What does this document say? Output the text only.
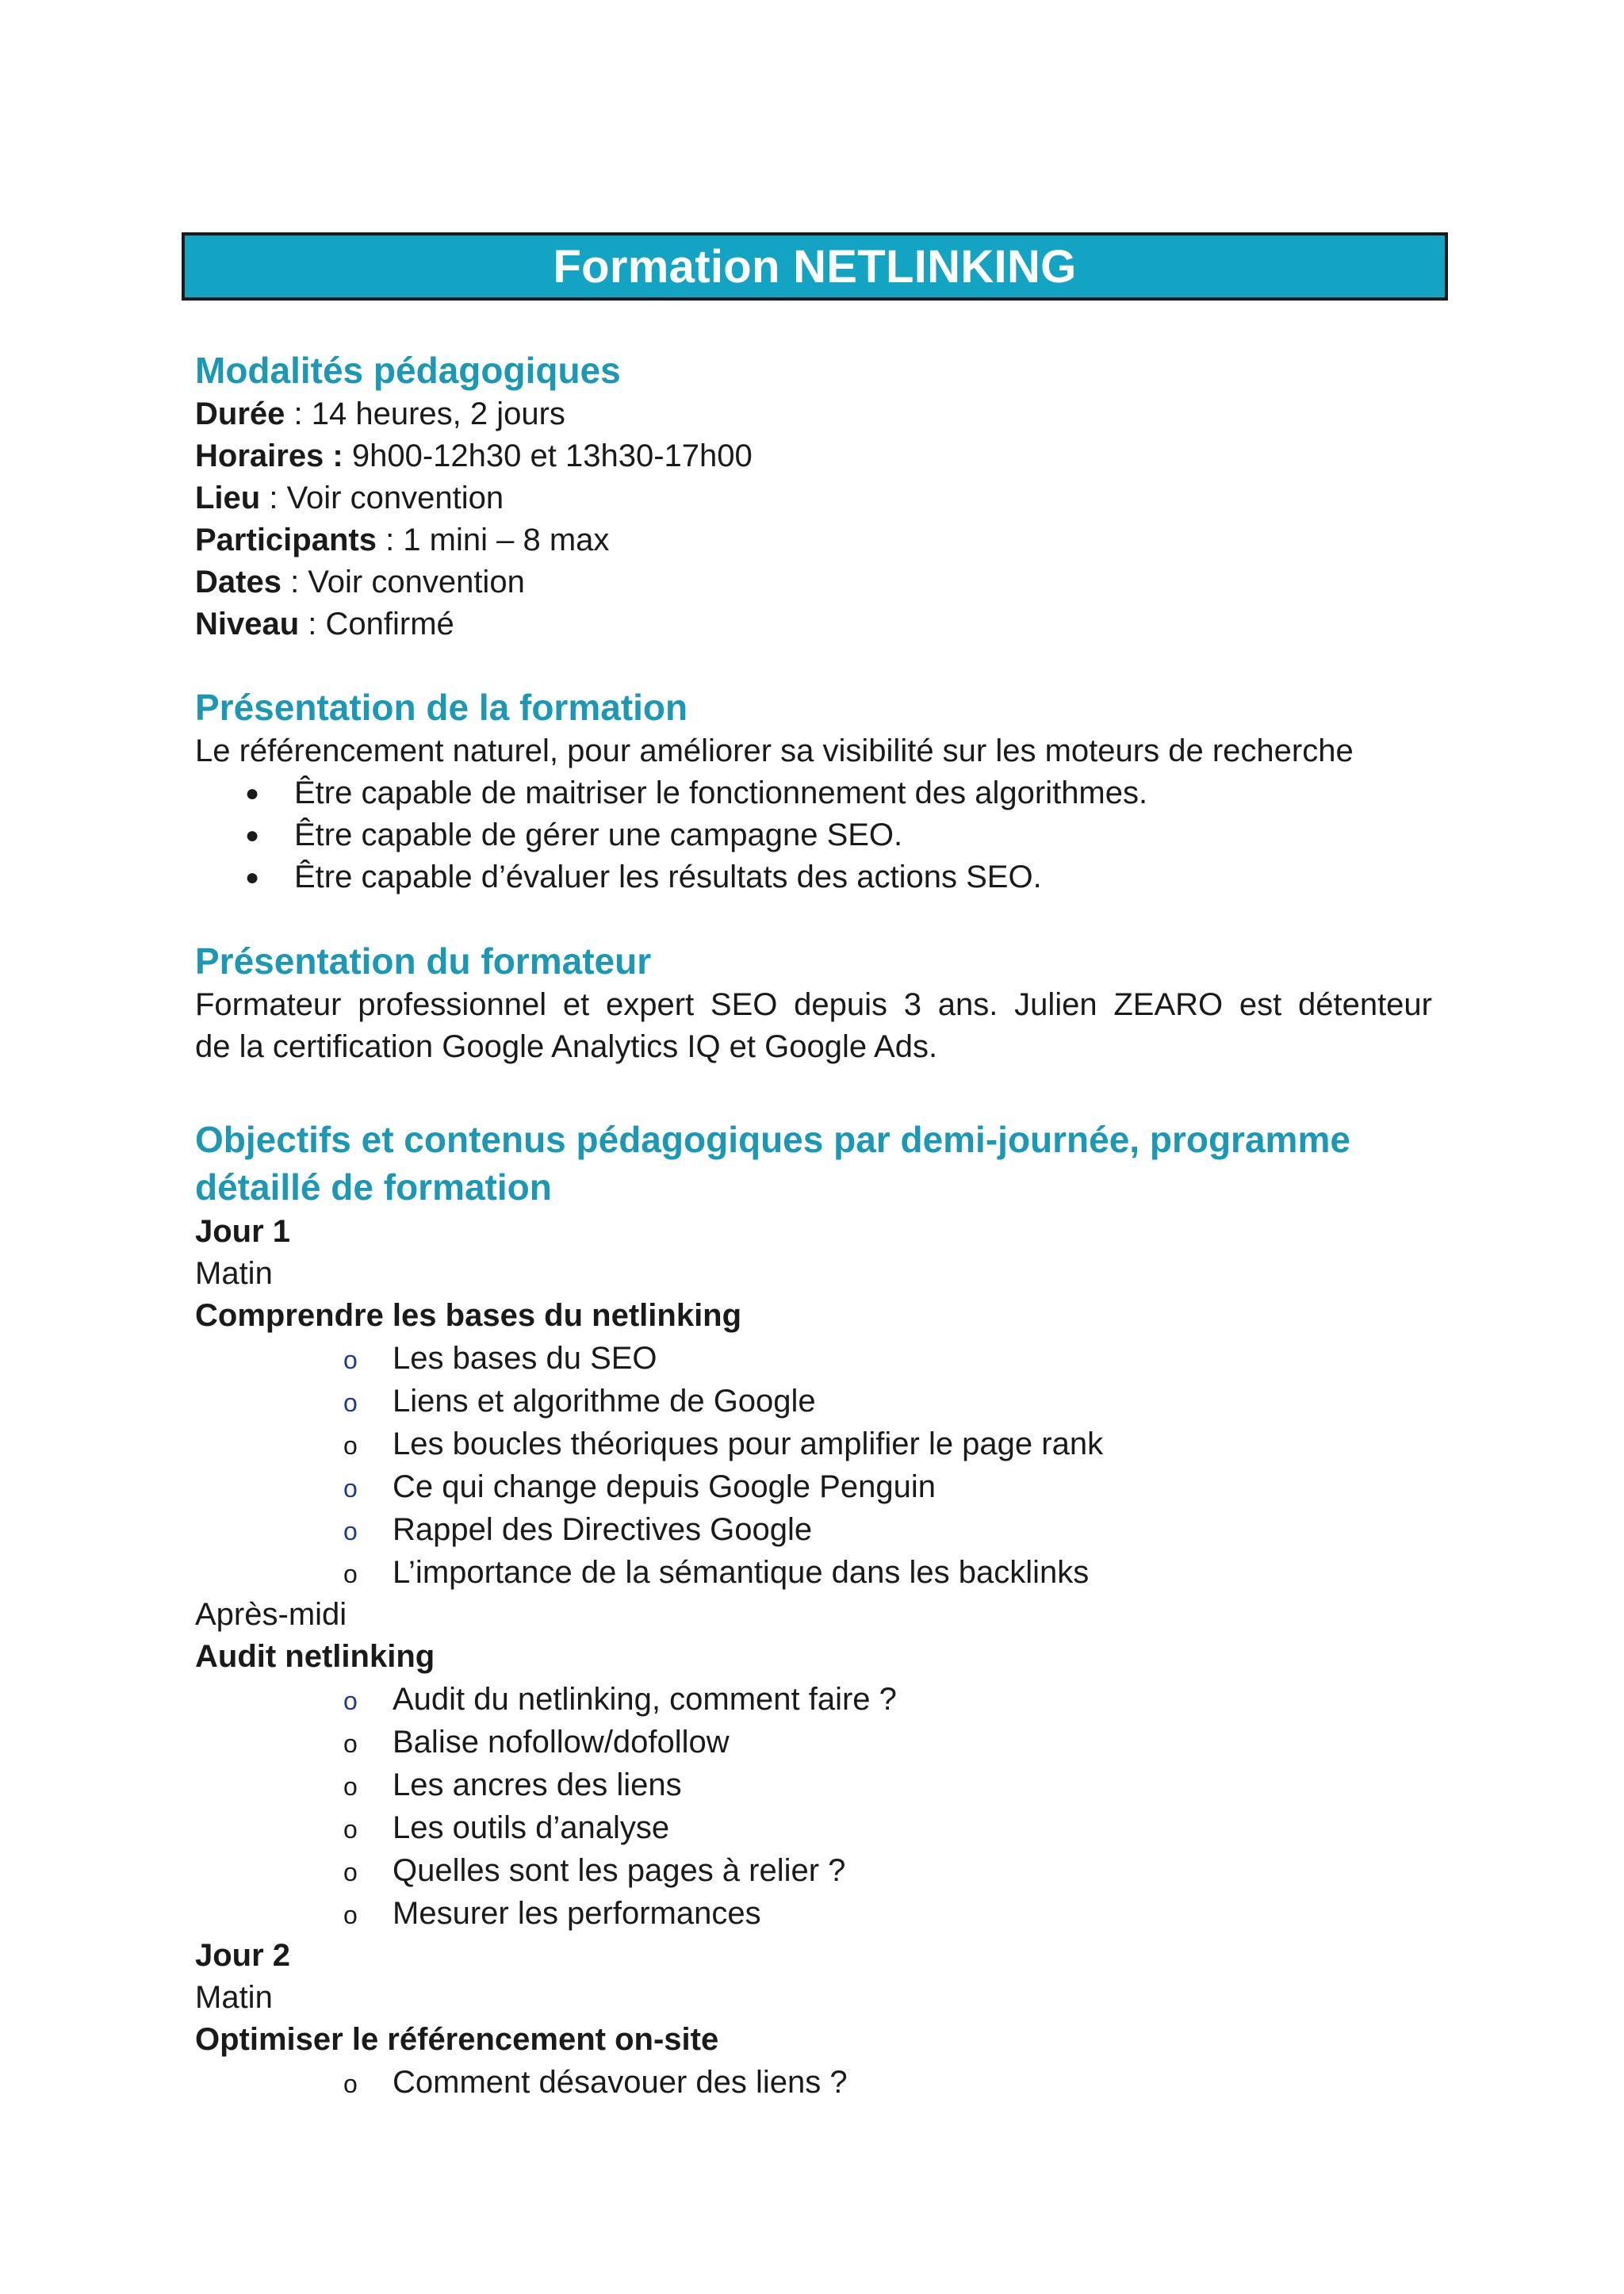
Formation NETLINKING
Modalités pédagogiques

Durée : 14 heures, 2 jours

Horaires : 9h00-12h30 et 13h30-17h00

Lieu : Voir convention

Participants : 1 mini – 8 max

Dates : Voir convention

Niveau : Confirmé

Présentation de la formation

Le référencement naturel, pour améliorer sa visibilité sur les moteurs de recherche

● Être capable de maitriser le fonctionnement des algorithmes.
● Être capable de gérer une campagne SEO.
● Être capable d’évaluer les résultats des actions SEO.
Présentation du formateur

Formateur professionnel et expert SEO depuis 3 ans. Julien ZEARO est détenteur
de la certification Google Analytics IQ et Google Ads.

Objectifs et contenus pédagogiques par demi-journée, programme
détaillé de formation

Jour 1

Matin

Comprendre les bases du netlinking

o Les bases du SEO
o Liens et algorithme de Google
o Les boucles théoriques pour amplifier le page rank
o Ce qui change depuis Google Penguin
o Rappel des Directives Google
o L’importance de la sémantique dans les backlinks

Après-midi

Audit netlinking

o Audit du netlinking, comment faire ?
o Balise nofollow/dofollow
o Les ancres des liens
o Les outils d’analyse
o Quelles sont les pages à relier ?
o Mesurer les performances

Jour 2

Matin

Optimiser le référencement on-site

o Comment désavouer des liens ?
